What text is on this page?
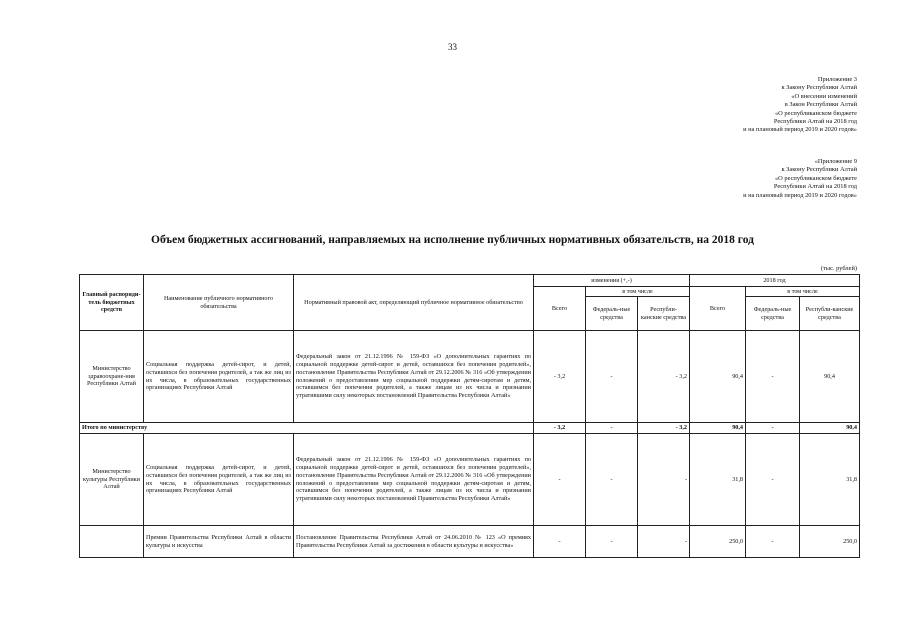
33
Приложение 3
к Закону Республики Алтай
«О внесении изменений
в Закон Республики Алтай
«О республиканском бюджете
Республики Алтай на 2018 год
и на плановый период 2019 и 2020 годов»
«Приложение 9
к Закону Республики Алтай
«О республиканском бюджете
Республики Алтай на 2018 год
и на плановый период 2019 и 2020 годов»
Объем бюджетных ассигнований, направляемых на исполнение публичных нормативных обязательств, на 2018 год
(тыс. рублей)
Главный распоряди-тель бюджетных средств	Наименование публичного нормативного обязательства	Нормативный правовой акт, определяющий публичное нормативное обязательство	изменения (+,-)			2018 год		
			Всего	в том числе		Всего	в том числе	
				Федераль-ные средства	Республи-канские средства		Федераль-ные средства	Республи-канские средства
Министерство здравоохране-ния Республики Алтай	Социальная поддержка детей-сирот, и детей, оставшихся без попечения родителей, а так же лиц из их числа, в образовательных государственных организациях Республики Алтай	Федеральный закон от 21.12.1996 № 159-ФЗ «О дополнительных гарантиях по социальной поддержке детей-сирот и детей, оставшихся без попечения родителей», постановление Правительства Республики Алтай от 29.12.2006 № 316 «Об утверждении положений о предоставлении мер социальной поддержки детям-сиротам и детям, оставшимся без попечения родителей, а также лицам из их числа и признании утратившими силу некоторых постановлений Правительства Республики Алтай»	- 3,2	-	- 3,2	90,4	-	90,4
Итого по министерству			- 3,2	-	- 3,2	90,4	-	90,4
Министерство культуры Республики Алтай	Социальная поддержка детей-сирот, и детей, оставшихся без попечения родителей, а так же лиц из их числа, в образовательных государственных организациях Республики Алтай	Федеральный закон от 21.12.1996 № 159-ФЗ «О дополнительных гарантиях по социальной поддержке детей-сирот и детей, оставшихся без попечения родителей», постановление Правительства Республики Алтай от 29.12.2006 № 316 «Об утверждении положений о предоставлении мер социальной поддержки детям-сиротам и детям, оставшимся без попечения родителей, а также лицам из их числа и признании утратившими силу некоторых постановлений Правительства Республики Алтай»	-	-	-	31,8	-	31,8
	Премии Правительства Республики Алтай в области культуры и искусства	Постановление Правительства Республики Алтай от 24.06.2010 № 123 «О премиях Правительства Республики Алтай за достижения в области культуры и искусства»	-	-	-	250,0	-	250,0
